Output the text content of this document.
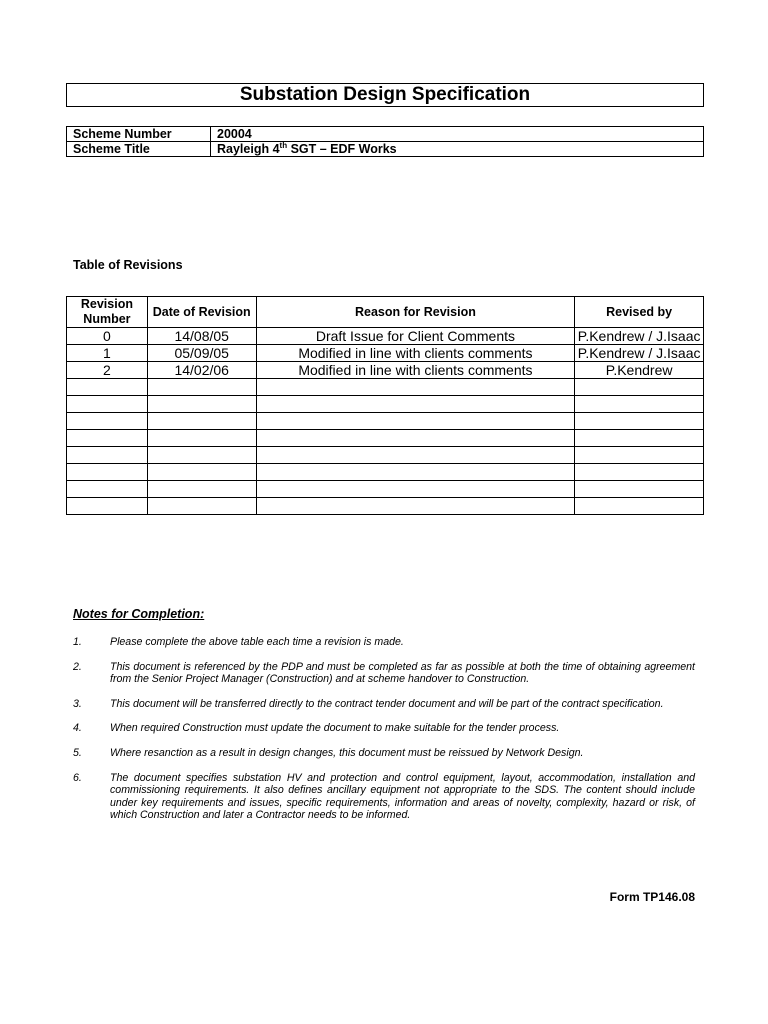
Substation Design Specification
Scheme Number	20004
Scheme Title	Rayleigh 4th SGT – EDF Works
Table of Revisions
Revision Number	Date of Revision	Reason for Revision	Revised by
0	14/08/05	Draft Issue for Client Comments	P.Kendrew / J.Isaac
1	05/09/05	Modified in line with clients comments	P.Kendrew / J.Isaac
2	14/02/06	Modified in line with clients comments	P.Kendrew

Notes for Completion:
1.	Please complete the above table each time a revision is made.
2.	This document is referenced by the PDP and must be completed as far as possible at both the time of obtaining agreement from the Senior Project Manager (Construction) and at scheme handover to Construction.
3.	This document will be transferred directly to the contract tender document and will be part of the contract specification.
4.	When required Construction must update the document to make suitable for the tender process.
5.	Where resanction as a result in design changes, this document must be reissued by Network Design.
6.	The document specifies substation HV and protection and control equipment, layout, accommodation, installation and commissioning requirements. It also defines ancillary equipment not appropriate to the SDS. The content should include under key requirements and issues, specific requirements, information and areas of novelty, complexity, hazard or risk, of which Construction and later a Contractor needs to be informed.
Form TP146.08
